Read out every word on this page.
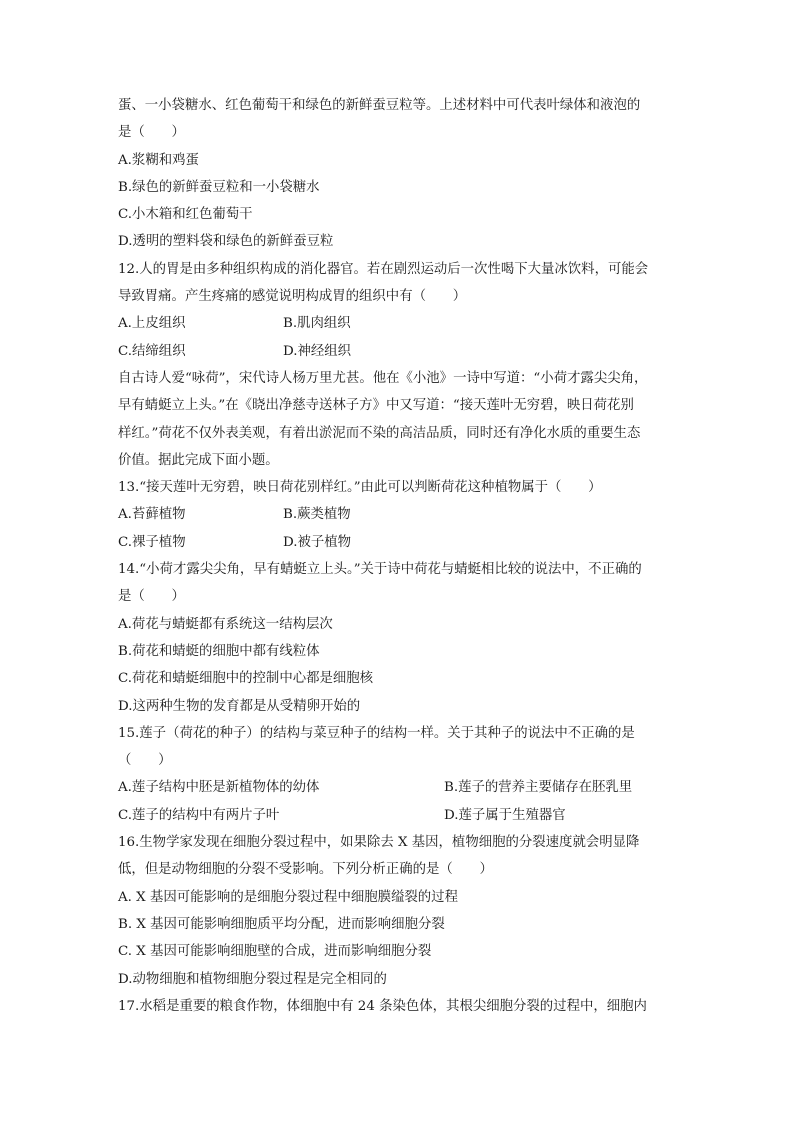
蛋、一小袋糖水、红色葡萄干和绿色的新鲜蚕豆粒等。上述材料中可代表叶绿体和液泡的
是（　　）
A.浆糊和鸡蛋
B.绿色的新鲜蚕豆粒和一小袋糖水
C.小木箱和红色葡萄干
D.透明的塑料袋和绿色的新鲜蚕豆粒
12.人的胃是由多种组织构成的消化器官。若在剧烈运动后一次性喝下大量冰饮料，可能会
导致胃痛。产生疼痛的感觉说明构成胃的组织中有（　　）
A.上皮组织	B.肌肉组织
C.结缔组织	D.神经组织
自古诗人爱“咏荷”，宋代诗人杨万里尤甚。他在《小池》一诗中写道：“小荷才露尖尖角，
早有蜻蜓立上头。”在《晓出净慈寺送林子方》中又写道：“接天莲叶无穷碧，映日荷花别
样红。”荷花不仅外表美观，有着出淤泥而不染的高洁品质，同时还有净化水质的重要生态
价值。据此完成下面小题。
13.“接天莲叶无穷碧，映日荷花别样红。”由此可以判断荷花这种植物属于（　　）
A.苔藓植物	B.蕨类植物
C.裸子植物	D.被子植物
14.“小荷才露尖尖角，早有蜻蜓立上头。”关于诗中荷花与蜻蜓相比较的说法中，不正确的
是（　　）
A.荷花与蜻蜓都有系统这一结构层次
B.荷花和蜻蜓的细胞中都有线粒体
C.荷花和蜻蜓细胞中的控制中心都是细胞核
D.这两种生物的发育都是从受精卵开始的
15.莲子（荷花的种子）的结构与菜豆种子的结构一样。关于其种子的说法中不正确的是
（　　）
A.莲子结构中胚是新植物体的幼体	B.莲子的营养主要储存在胚乳里
C.莲子的结构中有两片子叶	D.莲子属于生殖器官
16.生物学家发现在细胞分裂过程中，如果除去 X 基因，植物细胞的分裂速度就会明显降
低，但是动物细胞的分裂不受影响。下列分析正确的是（　　）
A. X 基因可能影响的是细胞分裂过程中细胞膜缢裂的过程
B. X 基因可能影响细胞质平均分配，进而影响细胞分裂
C. X 基因可能影响细胞壁的合成，进而影响细胞分裂
D.动物细胞和植物细胞分裂过程是完全相同的
17.水稻是重要的粮食作物，体细胞中有 24 条染色体，其根尖细胞分裂的过程中，细胞内
